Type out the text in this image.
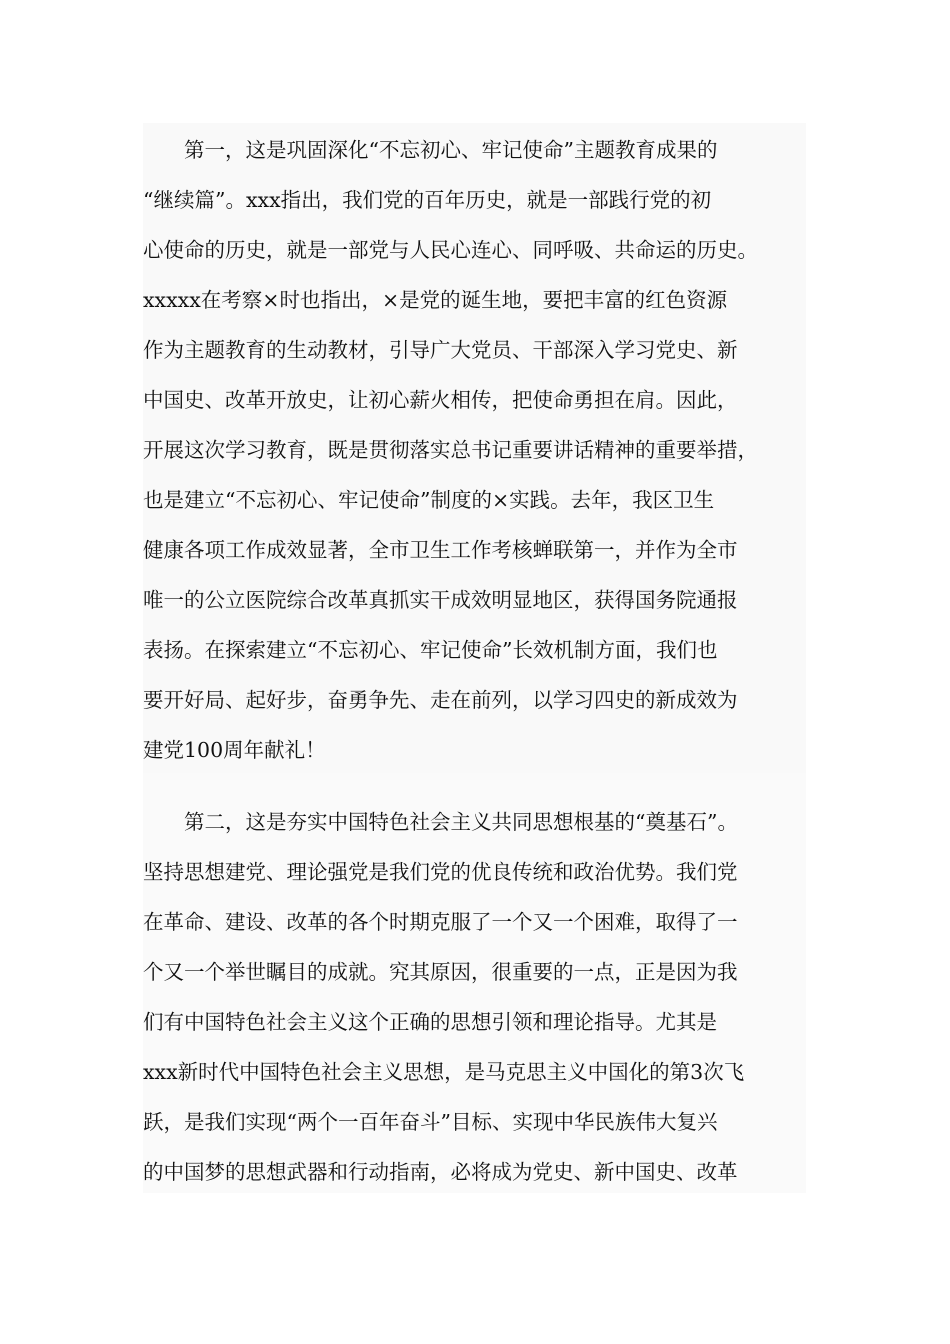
　　第一，这是巩固深化“不忘初心、牢记使命”主题教育成果的
“继续篇”。xxx指出，我们党的百年历史，就是一部践行党的初
心使命的历史，就是一部党与人民心连心、同呼吸、共命运的历史。
xxxxx在考察×时也指出，×是党的诞生地，要把丰富的红色资源
作为主题教育的生动教材，引导广大党员、干部深入学习党史、新
中国史、改革开放史，让初心薪火相传，把使命勇担在肩。因此，
开展这次学习教育，既是贯彻落实总书记重要讲话精神的重要举措，
也是建立“不忘初心、牢记使命”制度的×实践。去年，我区卫生
健康各项工作成效显著，全市卫生工作考核蝉联第一，并作为全市
唯一的公立医院综合改革真抓实干成效明显地区，获得国务院通报
表扬。在探索建立“不忘初心、牢记使命”长效机制方面，我们也
要开好局、起好步，奋勇争先、走在前列，以学习四史的新成效为
建党100周年献礼！
　　第二，这是夯实中国特色社会主义共同思想根基的“奠基石”。
坚持思想建党、理论强党是我们党的优良传统和政治优势。我们党
在革命、建设、改革的各个时期克服了一个又一个困难，取得了一
个又一个举世瞩目的成就。究其原因，很重要的一点，正是因为我
们有中国特色社会主义这个正确的思想引领和理论指导。尤其是
xxx新时代中国特色社会主义思想，是马克思主义中国化的第3次飞
跃，是我们实现“两个一百年奋斗”目标、实现中华民族伟大复兴
的中国梦的思想武器和行动指南，必将成为党史、新中国史、改革
